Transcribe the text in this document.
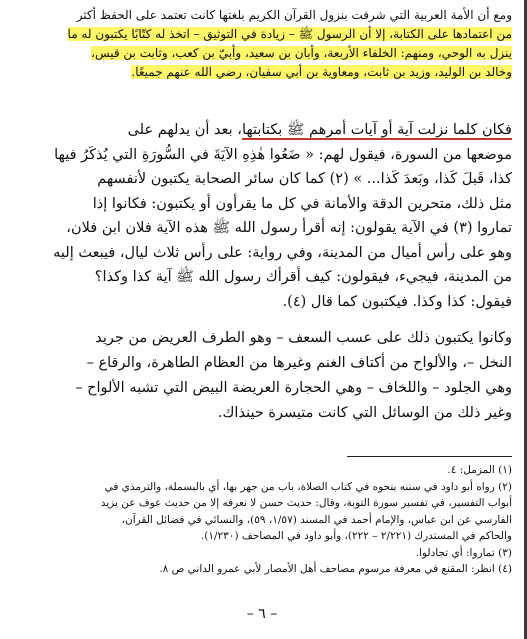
ومع أن الأمة العربية التي شرفت بنزول القرآن الكريم بلغتها كانت تعتمد على الحفظ أكثر
من اعتمادها على الكتابة، إلا أن الرسول ﷺ – زيادة في التوثيق – اتخذ له كتّابًا يكتبون له ما
ينزل به الوحي، ومنهم: الخلفاء الأربعة، وأبان بن سعيد، وأُبيّ بن كعب، وثابت بن قيس،
وخالد بن الوليد، وزيد بن ثابت، ومعاوية بن أبي سفيان، رضي الله عنهم جميعًا.
فكان كلما نزلت آية أو آيات أمرهم ﷺ بكتابتها، بعد أن يدلهم على
موضعها من السورة، فيقول لهم: « ضَعُوا هٰذِهِ الآيَةَ في السُّورَةِ التي يُذكَرُ فيها
كذا، قَبلَ كَذا، وبَعدَ كَذا... » (٢) كما كان سائر الصحابة يكتبون لأنفسهم
مثل ذلك، متحرين الدقة والأمانة في كل ما يقرأون أو يكتبون: فكانوا إذا
تماروا (٣) في الآية يقولون: إنه أقرأ رسول الله ﷺ هذه الآية فلان ابن فلان،
وهو على رأس أميال من المدينة، وفي رواية: على رأس ثلاث ليال، فيبعث إليه
من المدينة، فيجيء، فيقولون: كيف أقرأك رسول الله ﷺ آية كذا وكذا؟
فيقول: كذا وكذا. فيكتبون كما قال (٤).
وكانوا يكتبون ذلك على عسب السعف – وهو الطرف العريض من جريد
النخل –، والألواح من أكتاف الغنم وغيرها من العظام الطاهرة، والرقاع –
وهي الجلود – واللخاف – وهي الحجارة العريضة البيض التي تشبه الألواح –
وغير ذلك من الوسائل التي كانت متيسرة حينذاك.
(١) المزمل: ٤.
(٢) رواه أبو داود في سننه بنحوه في كتاب الصلاة، باب من جهر بها، أي بالبسملة، والترمذي في
أبواب التفسير، في تفسير سورة التوبة، وقال: حديث حسن لا نعرفه إلا من حديث عوف عن يزيد
الفارسي عن ابن عباس، والإمام أحمد في المسند (١/٥٧، ٥٩)، والنسائي في فضائل القرآن،
والحاكم في المستدرك (٢/٢٢١ – ٢٢٢)، وأبو داود في المصاحف (١/٢٣٠).
(٣) تماروا: أي تجادلوا.
(٤) انظر: المقنع في معرفة مرسوم مصاحف أهل الأمصار لأبي عمرو الداني ص ٨.
– ٦ –
